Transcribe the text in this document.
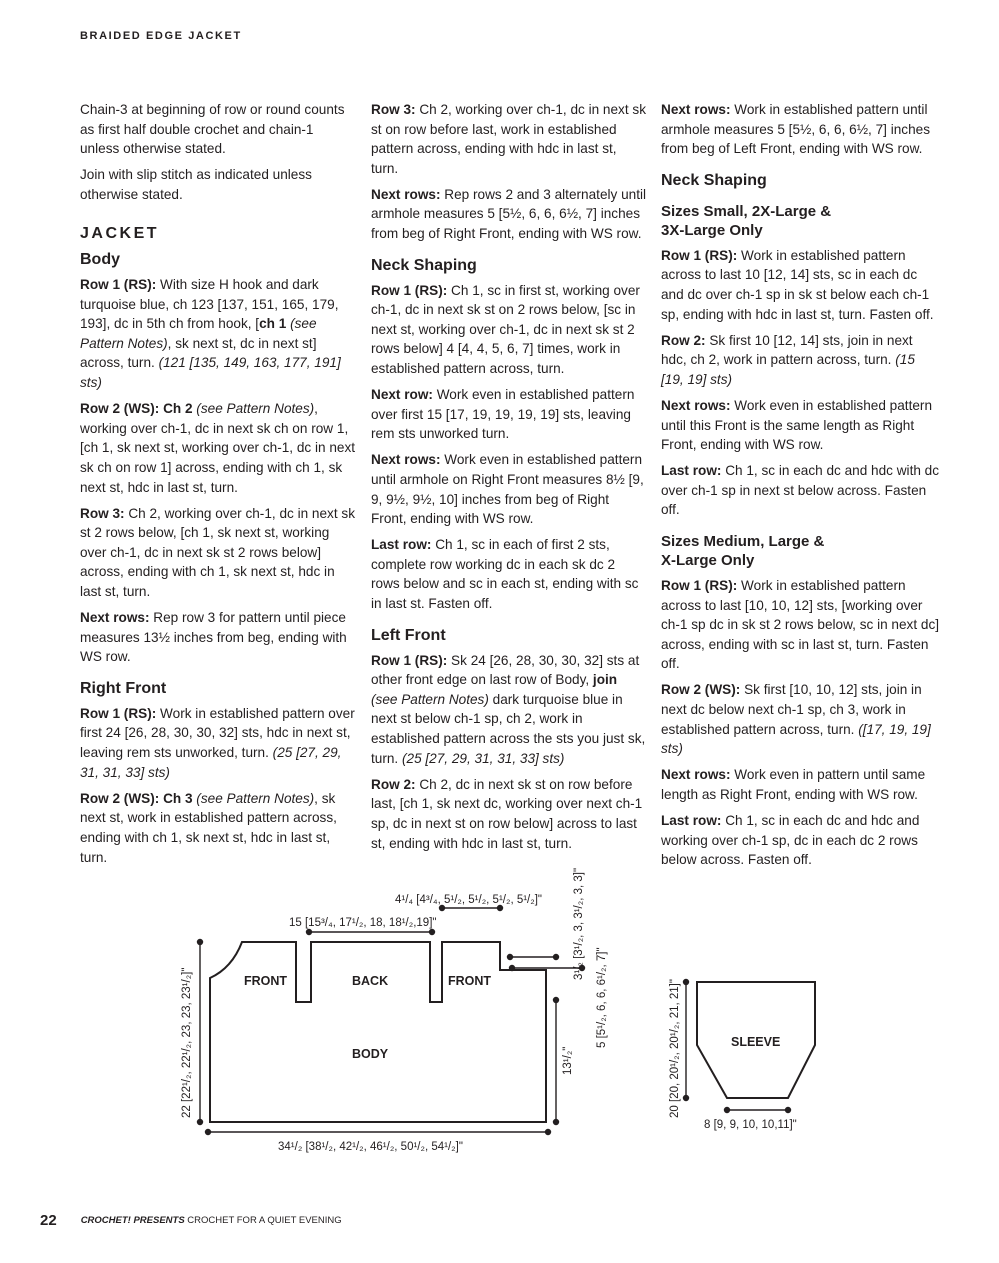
BRAIDED EDGE JACKET

Chain-3 at beginning of row or round counts as first half double crochet and chain-1 unless otherwise stated.

Join with slip stitch as indicated unless otherwise stated.

JACKET
Body

Row 1 (RS): With size H hook and dark turquoise blue, ch 123 [137, 151, 165, 179, 193], dc in 5th ch from hook, [ch 1 (see Pattern Notes), sk next st, dc in next st] across, turn. (121 [135, 149, 163, 177, 191] sts)

Row 2 (WS): Ch 2 (see Pattern Notes), working over ch-1, dc in next sk ch on row 1, [ch 1, sk next st, working over ch-1, dc in next sk ch on row 1] across, ending with ch 1, sk next st, hdc in last st, turn.

Row 3: Ch 2, working over ch-1, dc in next sk st 2 rows below, [ch 1, sk next st, working over ch-1, dc in next sk st 2 rows below] across, ending with ch 1, sk next st, hdc in last st, turn.

Next rows: Rep row 3 for pattern until piece measures 13½ inches from beg, ending with WS row.

Right Front

Row 1 (RS): Work in established pattern over first 24 [26, 28, 30, 30, 32] sts, hdc in next st, leaving rem sts unworked, turn. (25 [27, 29, 31, 31, 33] sts)

Row 2 (WS): Ch 3 (see Pattern Notes), sk next st, work in established pattern across, ending with ch 1, sk next st, hdc in last st, turn.

Row 3: Ch 2, working over ch-1, dc in next sk st on row before last, work in established pattern across, ending with hdc in last st, turn.

Next rows: Rep rows 2 and 3 alternately until armhole measures 5 [5½, 6, 6, 6½, 7] inches from beg of Right Front, ending with WS row.

Neck Shaping

Row 1 (RS): Ch 1, sc in first st, working over ch-1, dc in next sk st on 2 rows below, [sc in next st, working over ch-1, dc in next sk st 2 rows below] 4 [4, 4, 5, 6, 7] times, work in established pattern across, turn.

Next row: Work even in established pattern over first 15 [17, 19, 19, 19, 19] sts, leaving rem sts unworked turn.

Next rows: Work even in established pattern until armhole on Right Front measures 8½ [9, 9, 9½, 9½, 10] inches from beg of Right Front, ending with WS row.

Last row: Ch 1, sc in each of first 2 sts, complete row working dc in each sk dc 2 rows below and sc in each st, ending with sc in last st. Fasten off.

Left Front

Row 1 (RS): Sk 24 [26, 28, 30, 30, 32] sts at other front edge on last row of Body, join (see Pattern Notes) dark turquoise blue in next st below ch-1 sp, ch 2, work in established pattern across the sts you just sk, turn. (25 [27, 29, 31, 31, 33] sts)

Row 2: Ch 2, dc in next sk st on row before last, [ch 1, sk next dc, working over next ch-1 sp, dc in next st on row below] across to last st, ending with hdc in last st, turn.

Next rows: Work in established pattern until armhole measures 5 [5½, 6, 6, 6½, 7] inches from beg of Left Front, ending with WS row.

Neck Shaping
Sizes Small, 2X-Large &
3X-Large Only

Row 1 (RS): Work in established pattern across to last 10 [12, 14] sts, sc in each dc and dc over ch-1 sp in sk st below each ch-1 sp, ending with hdc in last st, turn. Fasten off.

Row 2: Sk first 10 [12, 14] sts, join in next hdc, ch 2, work in pattern across, turn. (15 [19, 19] sts)

Next rows: Work even in established pattern until this Front is the same length as Right Front, ending with WS row.

Last row: Ch 1, sc in each dc and hdc with dc over ch-1 sp in next st below across. Fasten off.

Sizes Medium, Large &
X-Large Only

Row 1 (RS): Work in established pattern across to last [10, 10, 12] sts, [working over ch-1 sp dc in sk st 2 rows below, sc in next dc] across, ending with sc in last st, turn. Fasten off.

Row 2 (WS): Sk first [10, 10, 12] sts, join in next dc below next ch-1 sp, ch 3, work in established pattern across, turn. ([17, 19, 19] sts)

Next rows: Work even in pattern until same length as Right Front, ending with WS row.

Last row: Ch 1, sc in each dc and hdc and working over ch-1 sp, dc in each dc 2 rows below across. Fasten off.

FRONT	BACK	FRONT
BODY
SLEEVE
4¹/₄ [4³/₄, 5¹/₂, 5¹/₂, 5¹/₂, 5¹/₂]"
15 [15³/₄, 17¹/₂, 18, 18¹/₂,19]"
34¹/₂ [38¹/₂, 42¹/₂, 46¹/₂, 50¹/₂, 54¹/₂]"
8 [9, 9, 10, 10,11]"
22 [22¹/₂, 22¹/₂, 23, 23, 23¹/₂]"
3¹/₂ [3¹/₂, 3, 3¹/₂, 3, 3]"
5 [5¹/₂, 6, 6, 6¹/₂, 7]"
13¹/₂"	20 [20, 20¹/₂, 20¹/₂, 21, 21]"
22	CROCHET! PRESENTS CROCHET FOR A QUIET EVENING
